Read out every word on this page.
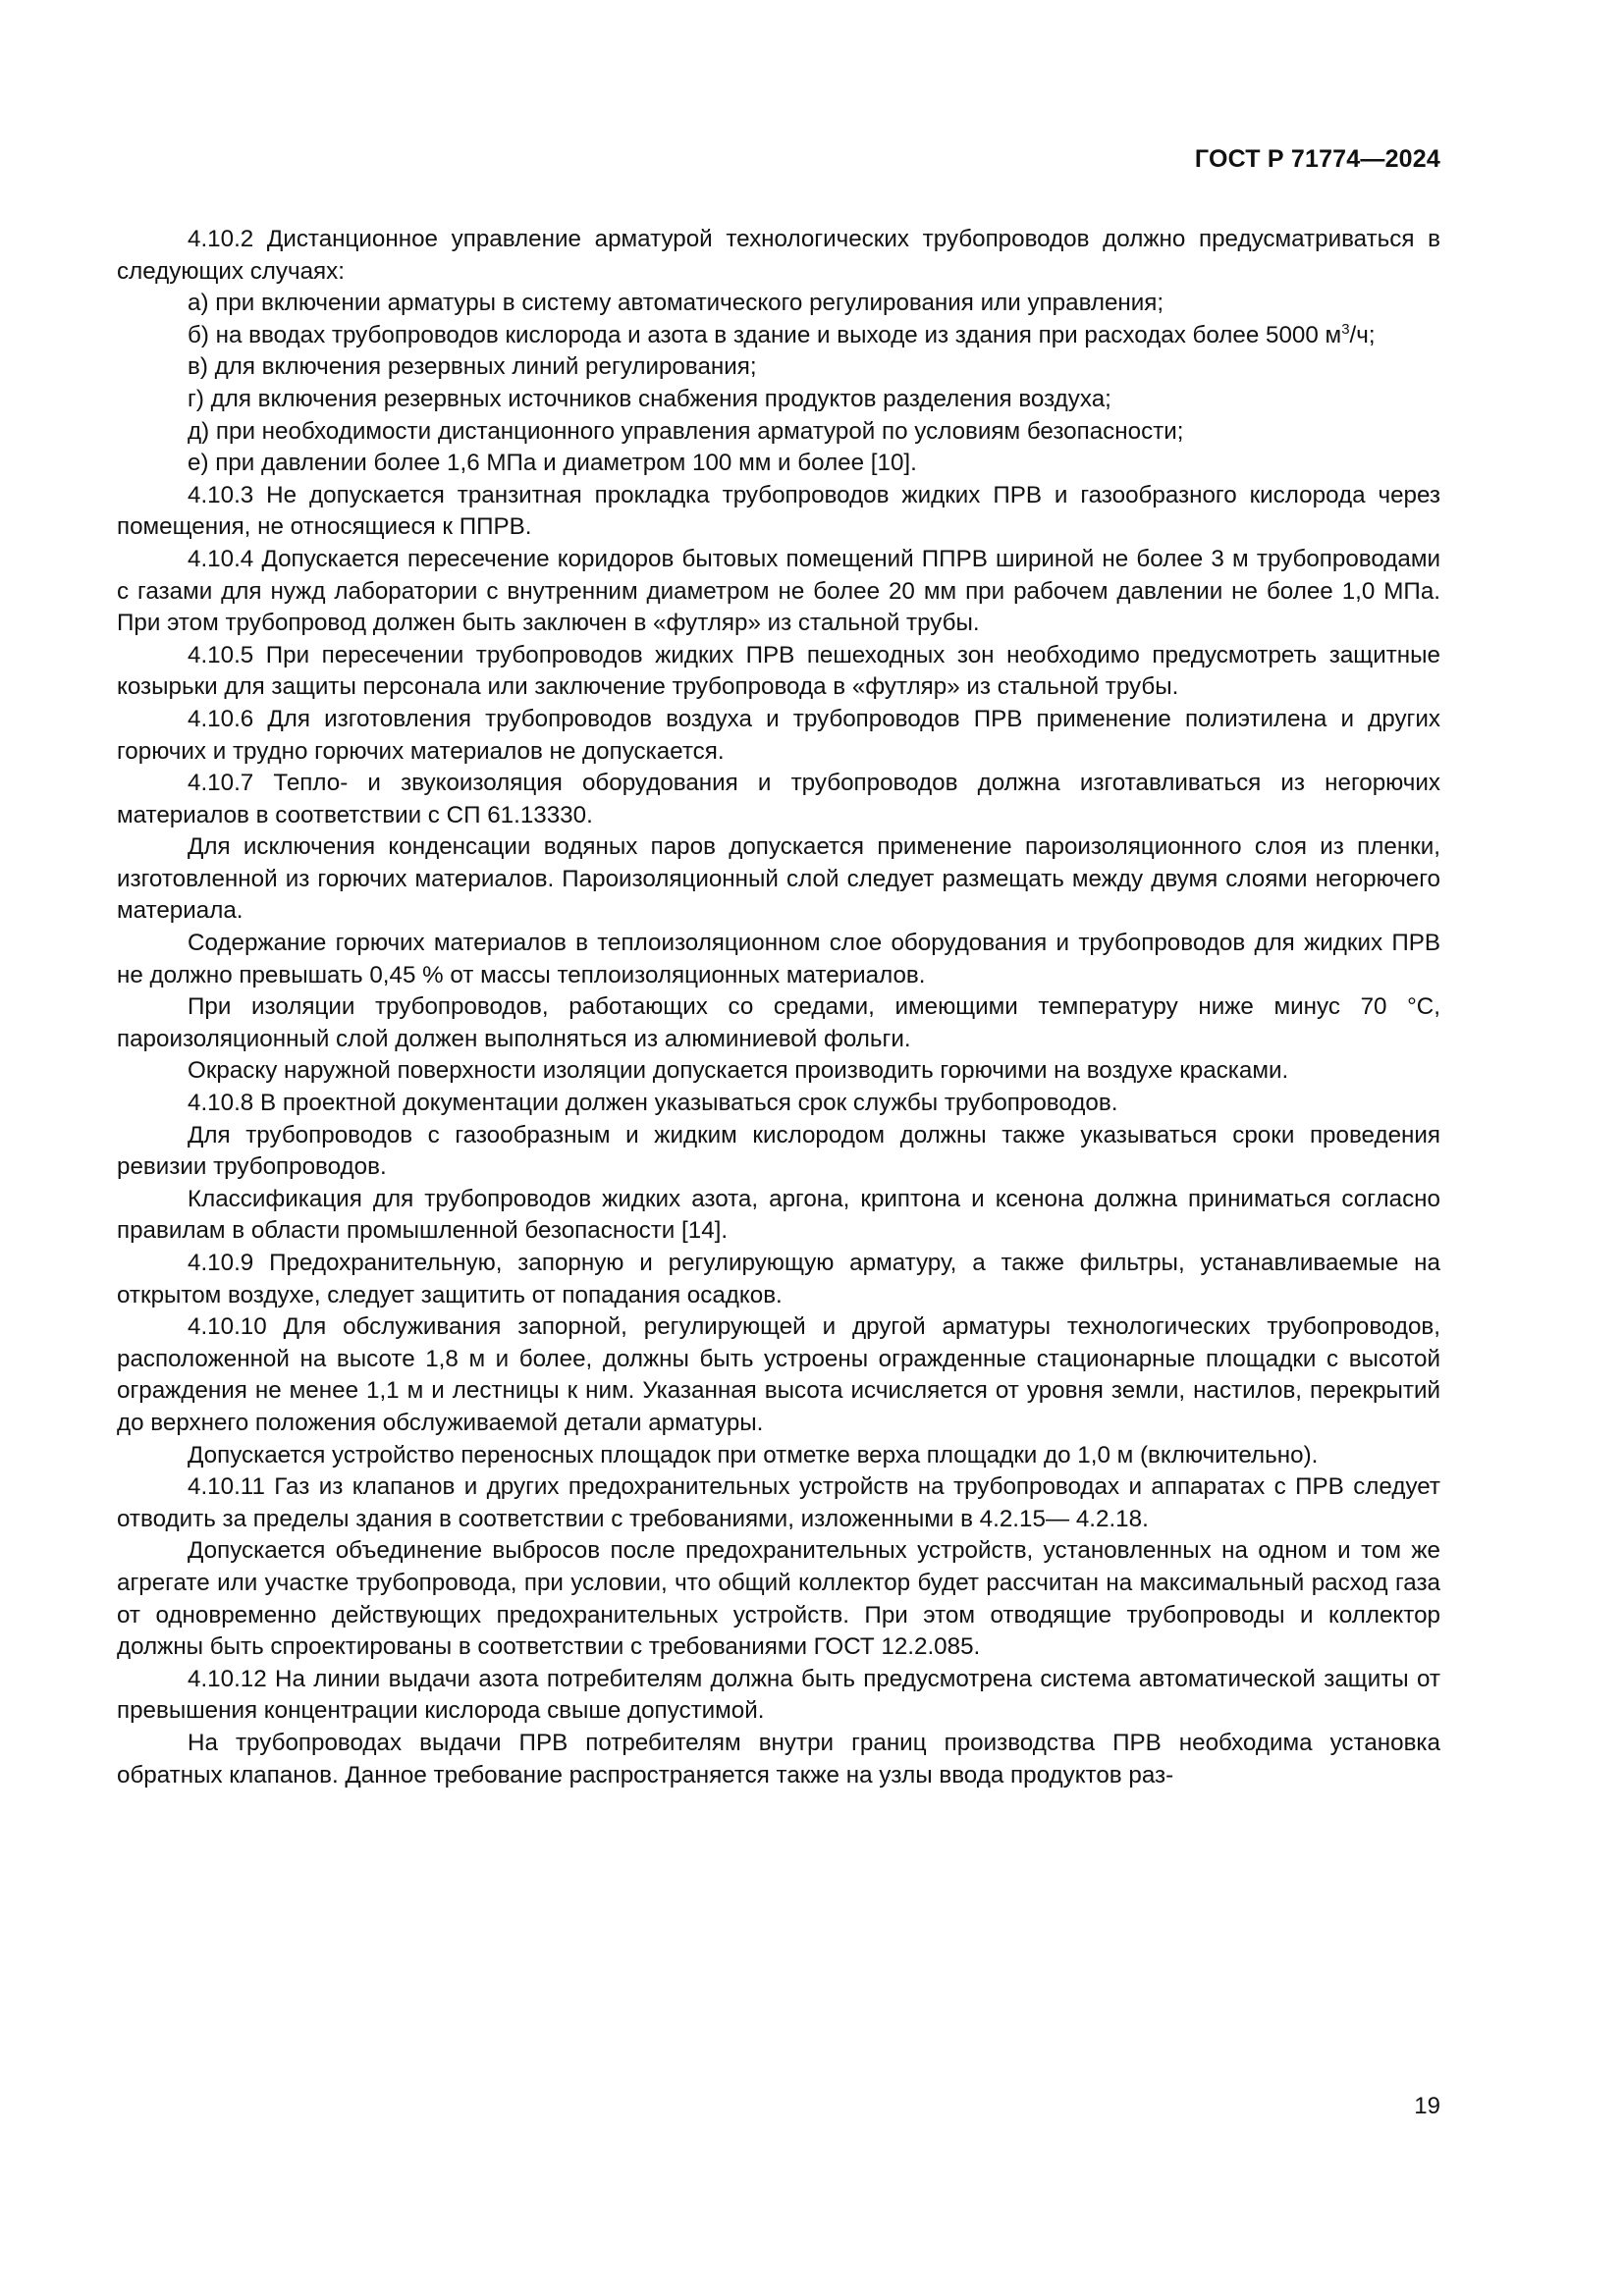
ГОСТ Р 71774—2024

4.10.2 Дистанционное управление арматурой технологических трубопроводов должно предусматриваться в следующих случаях:

а) при включении арматуры в систему автоматического регулирования или управления;

б) на вводах трубопроводов кислорода и азота в здание и выходе из здания при расходах более 5000 $м^3/ч$;

в) для включения резервных линий регулирования;

г) для включения резервных источников снабжения продуктов разделения воздуха;

д) при необходимости дистанционного управления арматурой по условиям безопасности;

е) при давлении более 1,6 МПа и диаметром 100 мм и более [10].

4.10.3 Не допускается транзитная прокладка трубопроводов жидких ПРВ и газообразного кислорода через помещения, не относящиеся к ППРВ.

4.10.4 Допускается пересечение коридоров бытовых помещений ППРВ шириной не более 3 м трубопроводами с газами для нужд лаборатории с внутренним диаметром не более 20 мм при рабочем давлении не более 1,0 МПа. При этом трубопровод должен быть заключен в «футляр» из стальной трубы.

4.10.5 При пересечении трубопроводов жидких ПРВ пешеходных зон необходимо предусмотреть защитные козырьки для защиты персонала или заключение трубопровода в «футляр» из стальной трубы.

4.10.6 Для изготовления трубопроводов воздуха и трубопроводов ПРВ применение полиэтилена и других горючих и трудно горючих материалов не допускается.

4.10.7 Тепло- и звукоизоляция оборудования и трубопроводов должна изготавливаться из негорючих материалов в соответствии с СП 61.13330.

Для исключения конденсации водяных паров допускается применение пароизоляционного слоя из пленки, изготовленной из горючих материалов. Пароизоляционный слой следует размещать между двумя слоями негорючего материала.

Содержание горючих материалов в теплоизоляционном слое оборудования и трубопроводов для жидких ПРВ не должно превышать 0,45 % от массы теплоизоляционных материалов.

При изоляции трубопроводов, работающих со средами, имеющими температуру ниже минус 70 °С, пароизоляционный слой должен выполняться из алюминиевой фольги.

Окраску наружной поверхности изоляции допускается производить горючими на воздухе красками.

4.10.8 В проектной документации должен указываться срок службы трубопроводов.

Для трубопроводов с газообразным и жидким кислородом должны также указываться сроки проведения ревизии трубопроводов.

Классификация для трубопроводов жидких азота, аргона, криптона и ксенона должна приниматься согласно правилам в области промышленной безопасности [14].

4.10.9 Предохранительную, запорную и регулирующую арматуру, а также фильтры, устанавливаемые на открытом воздухе, следует защитить от попадания осадков.

4.10.10 Для обслуживания запорной, регулирующей и другой арматуры технологических трубопроводов, расположенной на высоте 1,8 м и более, должны быть устроены огражденные стационарные площадки с высотой ограждения не менее 1,1 м и лестницы к ним. Указанная высота исчисляется от уровня земли, настилов, перекрытий до верхнего положения обслуживаемой детали арматуры.

Допускается устройство переносных площадок при отметке верха площадки до 1,0 м (включительно).

4.10.11 Газ из клапанов и других предохранительных устройств на трубопроводах и аппаратах с ПРВ следует отводить за пределы здания в соответствии с требованиями, изложенными в 4.2.15— 4.2.18.

Допускается объединение выбросов после предохранительных устройств, установленных на одном и том же агрегате или участке трубопровода, при условии, что общий коллектор будет рассчитан на максимальный расход газа от одновременно действующих предохранительных устройств. При этом отводящие трубопроводы и коллектор должны быть спроектированы в соответствии с требованиями ГОСТ 12.2.085.

4.10.12 На линии выдачи азота потребителям должна быть предусмотрена система автоматической защиты от превышения концентрации кислорода свыше допустимой.

На трубопроводах выдачи ПРВ потребителям внутри границ производства ПРВ необходима установка обратных клапанов. Данное требование распространяется также на узлы ввода продуктов раз-

19
